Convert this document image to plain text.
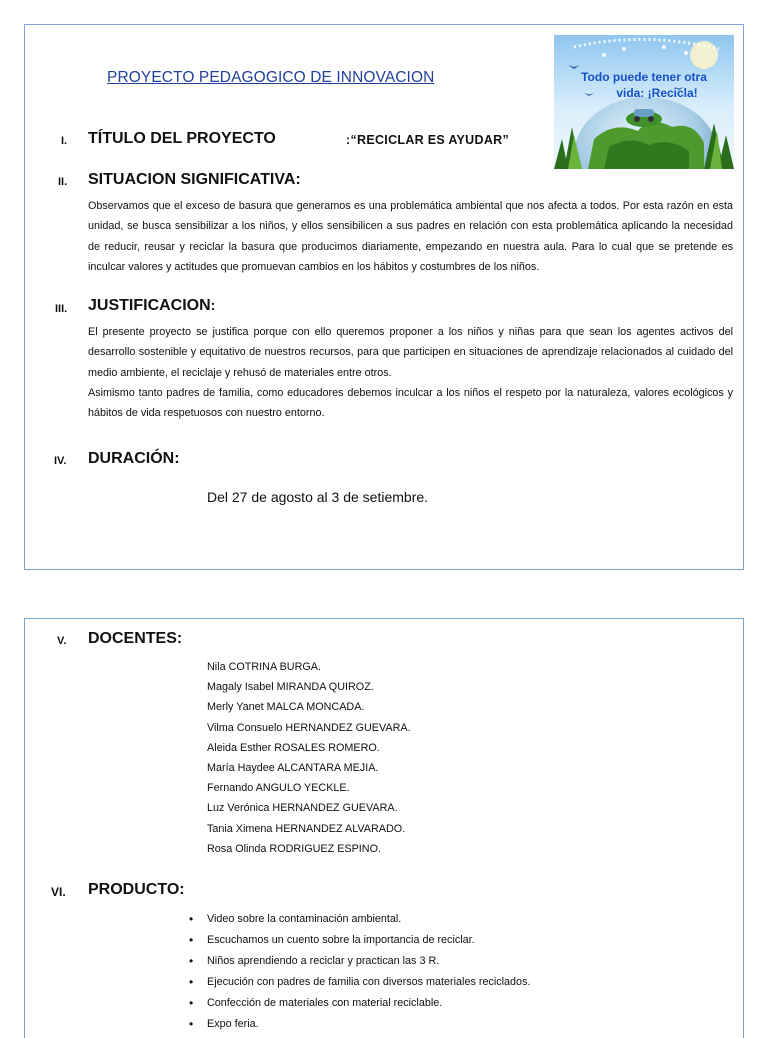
PROYECTO PEDAGOGICO DE INNOVACION	Todo puede tener otra
vida: ¡Recicla!
I. TÍTULO DEL PROYECTO	:“RECICLAR ES AYUDAR”
II. SITUACION SIGNIFICATIVA:

Observamos que el exceso de basura que generamos es una problemática ambiental que nos afecta a todos. Por esta razón en esta unidad, se busca sensibilizar a los niños, y ellos sensibilicen a sus padres en relación con esta problemática aplicando la necesidad de reducir, reusar y reciclar la basura que producimos diariamente, empezando en nuestra aula. Para lo cual que se pretende es inculcar valores y actitudes que promuevan cambios en los hábitos y costumbres de los niños.

III. JUSTIFICACION:

El presente proyecto se justifica porque con ello queremos proponer a los niños y niñas para que sean los agentes activos del desarrollo sostenible y equitativo de nuestros recursos, para que participen en situaciones de aprendizaje relacionados al cuidado del medio ambiente, el reciclaje y rehusó de materiales entre otros.

Asimismo tanto padres de familia, como educadores debemos inculcar a los niños el respeto por la naturaleza, valores ecológicos y hábitos de vida respetuosos con nuestro entorno.

IV. DURACIÓN:
Del 27 de agosto al 3 de setiembre.
V. DOCENTES:
Nila COTRINA BURGA.
Magaly Isabel MIRANDA QUIROZ.
Merly Yanet MALCA MONCADA.
Vilma Consuelo HERNANDEZ GUEVARA.
Aleida Esther ROSALES ROMERO.
María Haydee ALCANTARA MEJIA.
Fernando ANGULO YECKLE.
Luz Verónica HERNANDEZ GUEVARA.
Tania Ximena HERNANDEZ ALVARADO.
Rosa Olinda RODRIGUEZ ESPINO.
VI. PRODUCTO:
• Video sobre la contaminación ambiental.
• Escuchamos un cuento sobre la importancia de reciclar.
• Niños aprendiendo a reciclar y practican las 3 R.
• Ejecución con padres de familia con diversos materiales reciclados.
• Confección de materiales con material reciclable.
• Expo feria.
